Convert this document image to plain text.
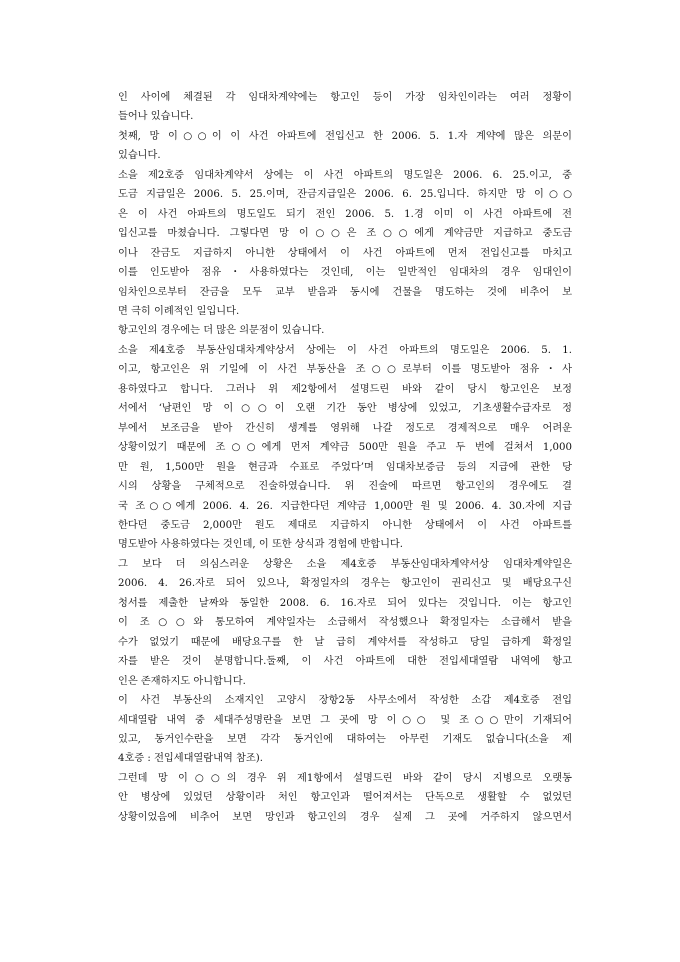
인 사이에 체결된 각 임대차계약에는 항고인 등이 가장 임차인이라는 여러 정황이
들어나 있습니다.
첫째, 망 이○○이 이 사건 아파트에 전입신고 한 2006. 5. 1.자 계약에 많은 의문이
있습니다.
소을 제2호증 임대차계약서 상에는 이 사건 아파트의 명도일은 2006. 6. 25.이고, 중
도금 지급일은 2006. 5. 25.이며, 잔금지급일은 2006. 6. 25.입니다. 하지만 망 이○○
은 이 사건 아파트의 명도일도 되기 전인 2006. 5. 1.경 이미 이 사건 아파트에 전
입신고를 마쳤습니다. 그렇다면 망 이○○은 조○○에게 계약금만 지급하고 중도금
이나 잔금도 지급하지 아니한 상태에서 이 사건 아파트에 먼저 전입신고를 마치고
이를 인도받아 점유・사용하였다는 것인데, 이는 일반적인 임대차의 경우 임대인이
임차인으로부터 잔금을 모두 교부 받음과 동시에 건물을 명도하는 것에 비추어 보
면 극히 이례적인 일입니다.
항고인의 경우에는 더 많은 의문점이 있습니다.
소을 제4호증 부동산임대차계약상서 상에는 이 사건 아파트의 명도일은 2006. 5. 1.
이고, 항고인은 위 기일에 이 사건 부동산을 조○○로부터 이를 명도받아 점유・사
용하였다고 합니다. 그러나 위 제2항에서 설명드린 바와 같이 당시 항고인은 보정
서에서 ‘남편인 망 이○○이 오랜 기간 동안 병상에 있었고, 기초생활수급자로 정
부에서 보조금을 받아 간신히 생계를 영위해 나갈 정도로 경제적으로 매우 어려운
상황이었기 때문에 조○○에게 먼저 계약금 500만 원을 주고 두 번에 걸쳐서 1,000
만 원, 1,500만 원을 현금과 수표로 주었다’며 임대차보증금 등의 지급에 관한 당
시의 상황을 구체적으로 진술하였습니다. 위 진술에 따르면 항고인의 경우에도 결
국 조○○에게 2006. 4. 26. 지급한다던 계약금 1,000만 원 및 2006. 4. 30.자에 지급
한다던 중도금 2,000만 원도 제대로 지급하지 아니한 상태에서 이 사건 아파트를
명도받아 사용하였다는 것인데, 이 또한 상식과 경험에 반합니다.
그 보다 더 의심스러운 상황은 소을 제4호증 부동산임대차계약서상 임대차계약일은
2006. 4. 26.자로 되어 있으나, 확정일자의 경우는 항고인이 권리신고 및 배당요구신
청서를 제출한 날짜와 동일한 2008. 6. 16.자로 되어 있다는 것입니다. 이는 항고인
이 조○○와 통모하여 계약일자는 소급해서 작성했으나 확정일자는 소급해서 받을
수가 없었기 때문에 배당요구를 한 날 급히 계약서를 작성하고 당일 급하게 확정일
자를 받은 것이 분명합니다.둘째, 이 사건 아파트에 대한 전입세대열람 내역에 항고
인은 존재하지도 아니합니다.
이 사건 부동산의 소재지인 고양시 장항2동 사무소에서 작성한 소갑 제4호증 전입
세대열람 내역 중 세대주성명란을 보면 그 곳에 망 이○○ 및 조○○만이 기재되어
있고, 동거인수란을 보면 각각 동거인에 대하여는 아무런 기재도 없습니다(소을 제
4호증 : 전입세대열람내역 참조).
그런데 망 이○○의 경우 위 제1항에서 설명드린 바와 같이 당시 지병으로 오랫동
안 병상에 있었던 상황이라 처인 항고인과 떨어져서는 단독으로 생활할 수 없었던
상황이었음에 비추어 보면 망인과 항고인의 경우 실제 그 곳에 거주하지 않으면서
